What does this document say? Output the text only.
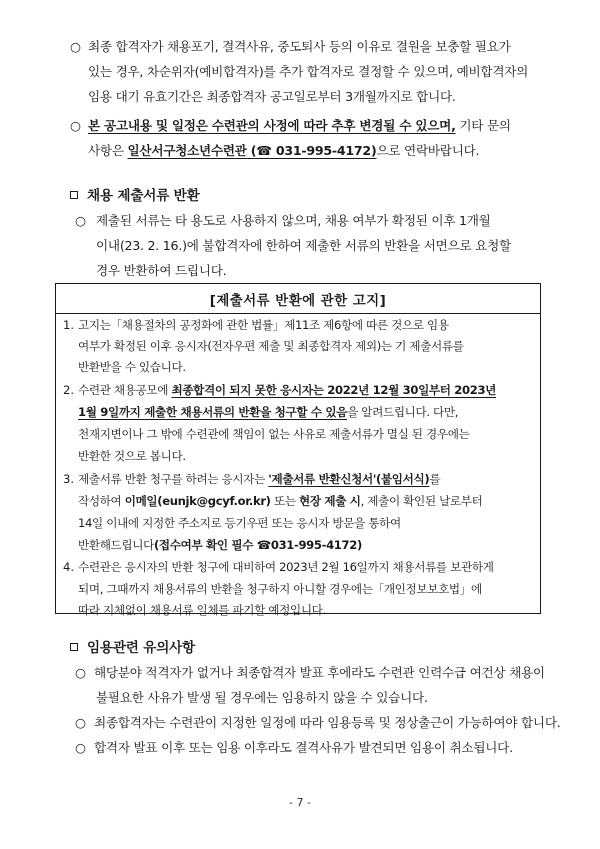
○ 최종 합격자가 채용포기, 결격사유, 중도퇴사 등의 이유로 결원을 보충할 필요가
있는 경우, 차순위자(예비합격자)를 추가 합격자로 결정할 수 있으며, 예비합격자의
임용 대기 유효기간은 최종합격자 공고일로부터 3개월까지로 합니다.
○ 본 공고내용 및 일정은 수련관의 사정에 따라 추후 변경될 수 있으며, 기타 문의
사항은 일산서구청소년수련관 (☎ 031-995-4172)으로 연락바랍니다.
채용 제출서류 반환
○ 제출된 서류는 타 용도로 사용하지 않으며, 채용 여부가 확정된 이후 1개월
이내(23. 2. 16.)에 불합격자에 한하여 제출한 서류의 반환을 서면으로 요청할
경우 반환하여 드립니다.
[제출서류 반환에 관한 고지]
1. 고지는「채용절차의 공정화에 관한 법률」제11조 제6항에 따른 것으로 임용
여부가 확정된 이후 응시자(전자우편 제출 및 최종합격자 제외)는 기 제출서류를
반환받을 수 있습니다.
2. 수련관 채용공모에 최종합격이 되지 못한 응시자는 2022년 12월 30일부터 2023년
1월 9일까지 제출한 채용서류의 반환을 청구할 수 있음을 알려드립니다. 다만,
천재지변이나 그 밖에 수련관에 책임이 없는 사유로 제출서류가 멸실 된 경우에는
반환한 것으로 봅니다.
3. 제출서류 반환 청구를 하려는 응시자는 '제출서류 반환신청서'(붙임서식)를
작성하여 이메일(eunjk@gcyf.or.kr) 또는 현장 제출 시, 제출이 확인된 날로부터
14일 이내에 지정한 주소지로 등기우편 또는 응시자 방문을 통하여
반환해드립니다(접수여부 확인 필수 ☎031-995-4172)
4. 수련관은 응시자의 반환 청구에 대비하여 2023년 2월 16일까지 채용서류를 보관하게
되며, 그때까지 채용서류의 반환을 청구하지 아니할 경우에는「개인정보보호법」에
따라 지체없이 채용서류 일체를 파기할 예정입니다.
임용관련 유의사항
○ 해당분야 적격자가 없거나 최종합격자 발표 후에라도 수련관 인력수급 여건상 채용이
불필요한 사유가 발생 될 경우에는 임용하지 않을 수 있습니다.
○ 최종합격자는 수련관이 지정한 일정에 따라 임용등록 및 정상출근이 가능하여야 합니다.
○ 합격자 발표 이후 또는 임용 이후라도 결격사유가 발견되면 임용이 취소됩니다.
- 7 -
